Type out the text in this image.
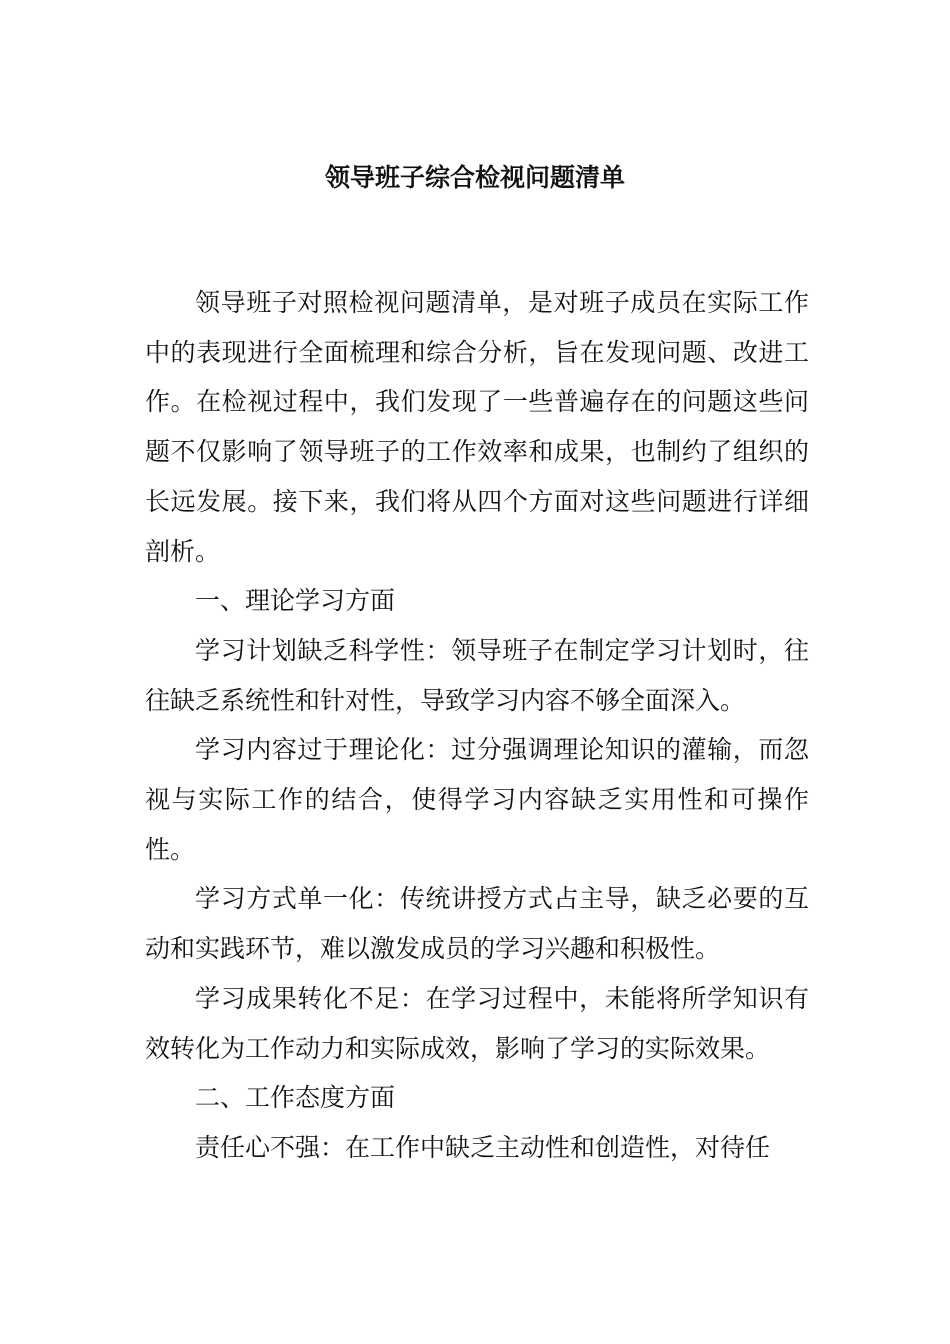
领导班子综合检视问题清单

领导班子对照检视问题清单，是对班子成员在实际工作中的表现进行全面梳理和综合分析，旨在发现问题、改进工作。在检视过程中，我们发现了一些普遍存在的问题这些问题不仅影响了领导班子的工作效率和成果，也制约了组织的长远发展。接下来，我们将从四个方面对这些问题进行详细剖析。

一、理论学习方面

学习计划缺乏科学性：领导班子在制定学习计划时，往往缺乏系统性和针对性，导致学习内容不够全面深入。

学习内容过于理论化：过分强调理论知识的灌输，而忽视与实际工作的结合，使得学习内容缺乏实用性和可操作性。

学习方式单一化：传统讲授方式占主导，缺乏必要的互动和实践环节，难以激发成员的学习兴趣和积极性。

学习成果转化不足：在学习过程中，未能将所学知识有效转化为工作动力和实际成效，影响了学习的实际效果。

二、工作态度方面

责任心不强：在工作中缺乏主动性和创造性，对待任
